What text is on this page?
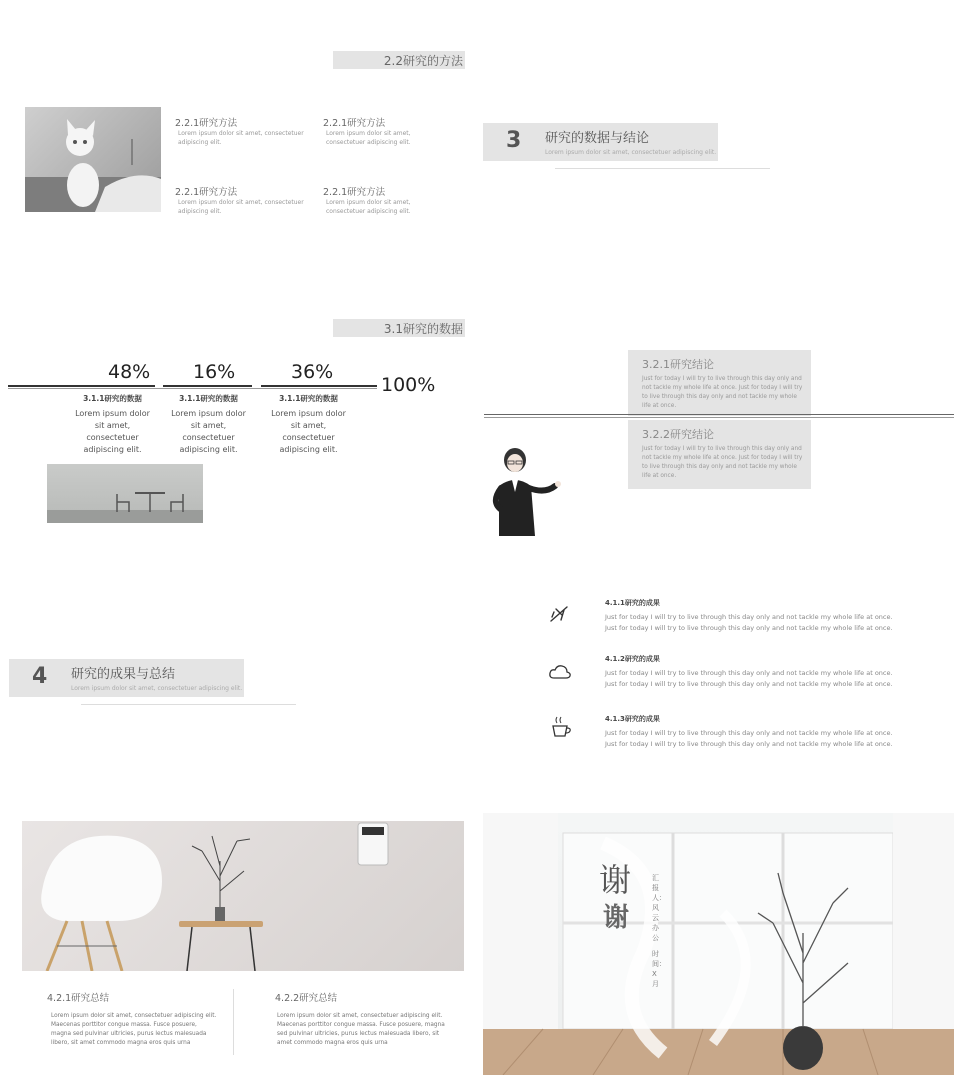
2.2研究的方法
2.2.1研究方法
Lorem ipsum dolor sit amet, consectetuer adipiscing elit.
2.2.1研究方法
Lorem ipsum dolor sit amet, consectetuer adipiscing elit.
2.2.1研究方法
Lorem ipsum dolor sit amet, consectetuer adipiscing elit.
2.2.1研究方法
Lorem ipsum dolor sit amet, consectetuer adipiscing elit.
3 研究的数据与结论
Lorem ipsum dolor sit amet, consectetuer adipiscing elit.
3.1研究的数据
48% 16%	36%
100%
3.1.1研究的数据
Lorem ipsum dolor sit amet, consectetuer adipiscing elit.
3.1.1研究的数据
Lorem ipsum dolor sit amet, consectetuer adipiscing elit.
3.1.1研究的数据
Lorem ipsum dolor sit amet, consectetuer adipiscing elit.
3.2.1研究结论
Just for today I will try to live through this day only and not tackle my whole life at once. Just for today I will try to live through this day only and not tackle my whole life at once.
3.2.2研究结论
Just for today I will try to live through this day only and not tackle my whole life at once. Just for today I will try to live through this day only and not tackle my whole life at once.
4 研究的成果与总结
Lorem ipsum dolor sit amet, consectetuer adipiscing elit.
4.1.1研究的成果
Just for today I will try to live through this day only and not tackle my whole life at once.
Just for today I will try to live through this day only and not tackle my whole life at once.
4.1.2研究的成果
Just for today I will try to live through this day only and not tackle my whole life at once.
Just for today I will try to live through this day only and not tackle my whole life at once.
4.1.3研究的成果
Just for today I will try to live through this day only and not tackle my whole life at once.
Just for today I will try to live through this day only and not tackle my whole life at once.
4.2.1研究总结
Lorem ipsum dolor sit amet, consectetuer adipiscing elit. Maecenas porttitor congue massa. Fusce posuere, magna sed pulvinar ultricies, purus lectus malesuada libero, sit amet commodo magna eros quis urna
4.2.2研究总结
Lorem ipsum dolor sit amet, consectetuer adipiscing elit. Maecenas porttitor congue massa. Fusce posuere, magna sed pulvinar ultricies, purus lectus malesuada libero, sit amet commodo magna eros quis urna
谢
谢
汇报人：风云办公
时间：X月
